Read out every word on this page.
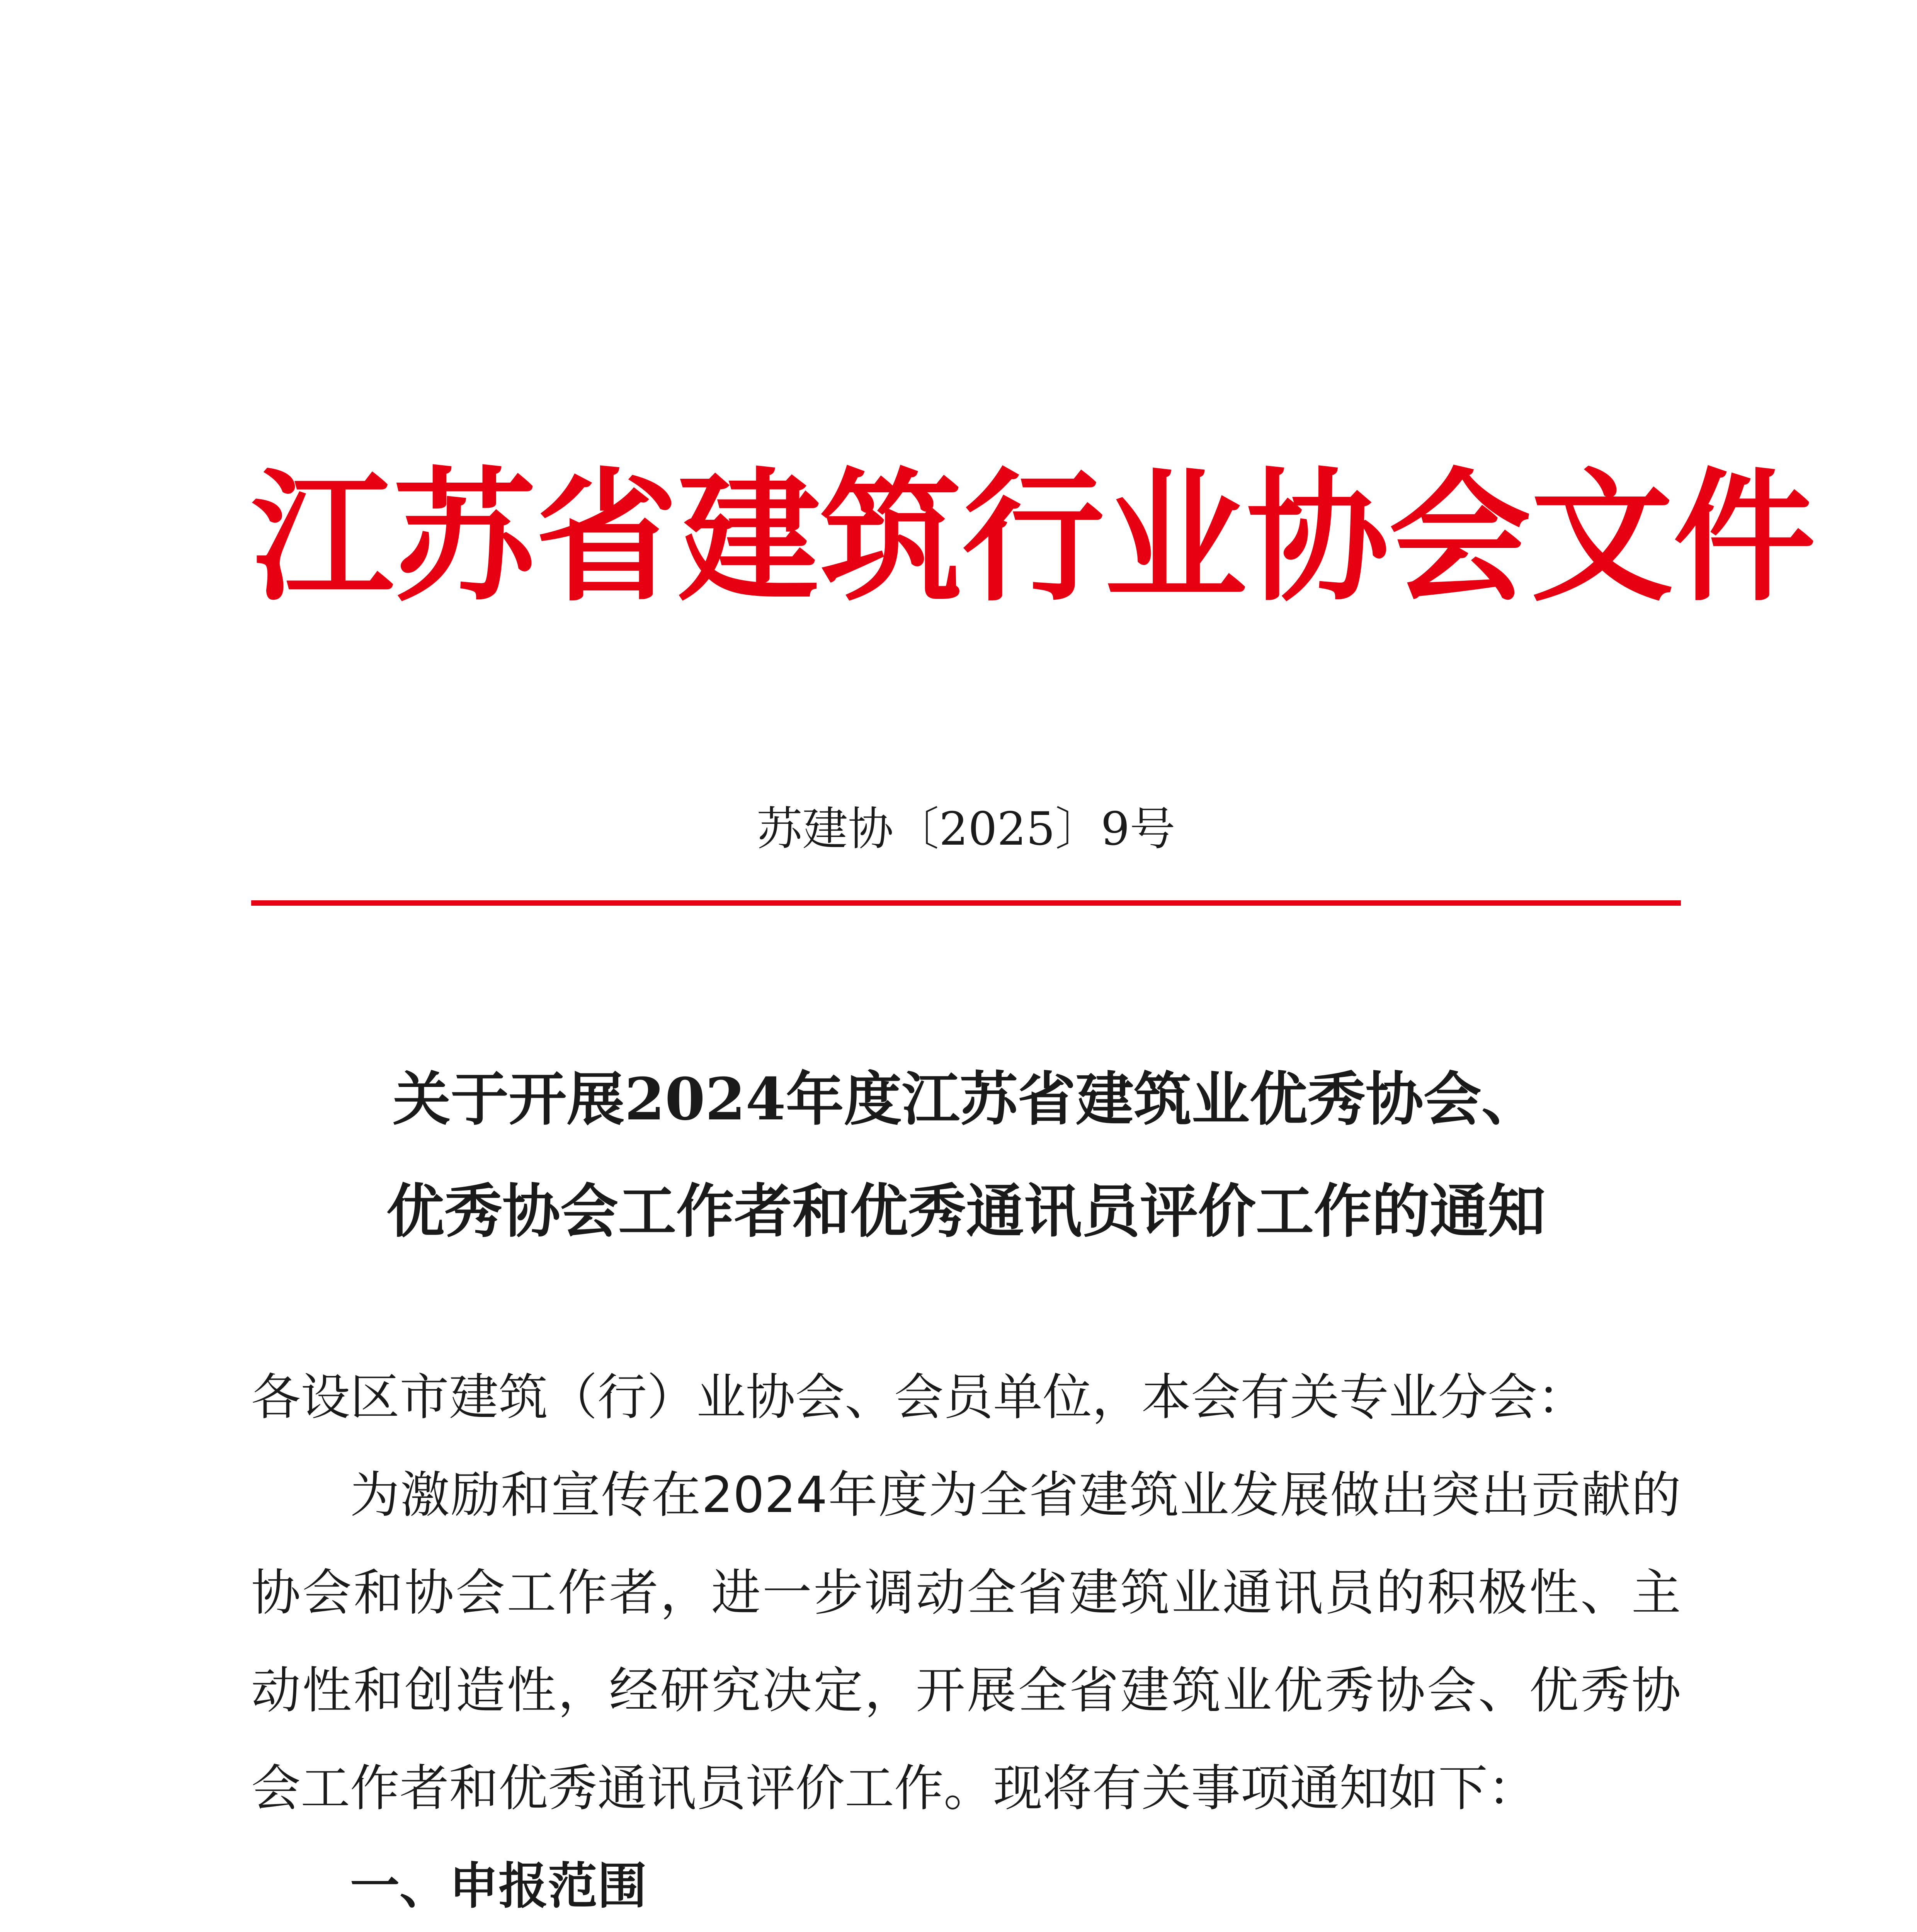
江苏省建筑行业协会文件
苏建协〔2025〕9号
关于开展2024年度江苏省建筑业优秀协会、
优秀协会工作者和优秀通讯员评价工作的通知

各设区市建筑（行）业协会、会员单位，本会有关专业分会：

为激励和宣传在2024年度为全省建筑业发展做出突出贡献的协会和协会工作者，进一步调动全省建筑业通讯员的积极性、主动性和创造性，经研究决定，开展全省建筑业优秀协会、优秀协会工作者和优秀通讯员评价工作。现将有关事项通知如下：

一、申报范围
